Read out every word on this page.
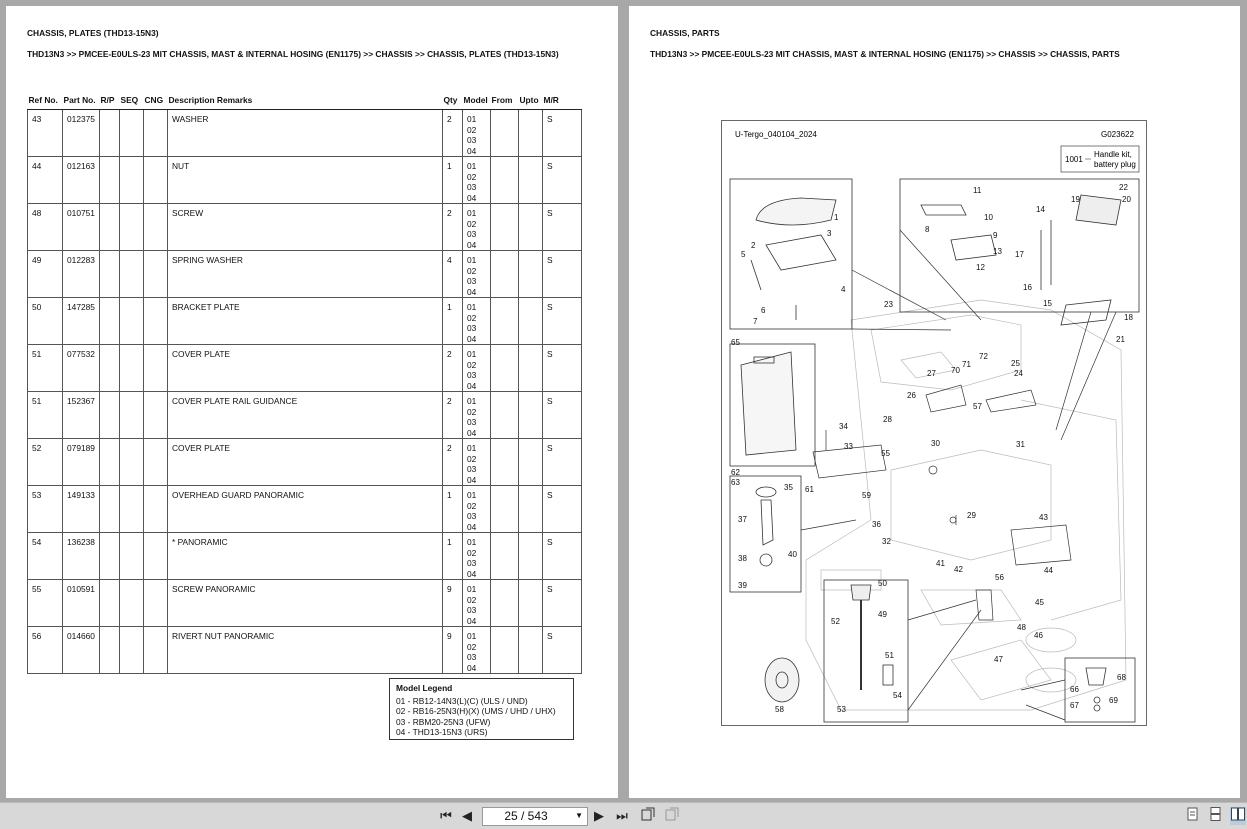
CHASSIS, PLATES (THD13-15N3)
THD13N3 >> PMCEE-E0ULS-23 MIT CHASSIS, MAST & INTERNAL HOSING (EN1175) >> CHASSIS >> CHASSIS, PLATES (THD13-15N3)
Ref No.	Part No.	R/P	SEQ	CNG	Description Remarks	Qty	Model	From	Upto	M/R
43	012375				WASHER	2	01
02
03
04			S
44	012163				NUT	1	01
02
03
04			S
48	010751				SCREW	2	01
02
03
04			S
49	012283				SPRING WASHER	4	01
02
03
04			S
50	147285				BRACKET PLATE	1	01
02
03
04			S
51	077532				COVER PLATE	2	01
02
03
04			S
51	152367				COVER PLATE RAIL GUIDANCE	2	01
02
03
04			S
52	079189				COVER PLATE	2	01
02
03
04			S
53	149133				OVERHEAD GUARD PANORAMIC	1	01
02
03
04			S
54	136238				* PANORAMIC	1	01
02
03
04			S
55	010591				SCREW PANORAMIC	9	01
02
03
04			S
56	014660				RIVERT NUT PANORAMIC	9	01
02
03
04			S
Model Legend
01 - RB12-14N3(L)(C) (ULS / UND)
02 - RB16-25N3(H)(X) (UMS / UHD / UHX)
03 - RBM20-25N3 (UFW)
04 - THD13-15N3 (URS)
CHASSIS, PARTS
THD13N3 >> PMCEE-E0ULS-23 MIT CHASSIS, MAST & INTERNAL HOSING (EN1175) >> CHASSIS >> CHASSIS, PARTS
U-Tergo_040104_2024	G023622
1001
Handle kit,
battery plug
1
2
3
4
5
6
7
8
9
10
11
12
13
14
15
16
17
18
19	20
21
22
23
24
25
26
27
28
29
30	31
32
33
34
35
36
37
38
39
40
41
42
43
44
45
46
47
48
49
50
51
52
53
54
55
56
57
58
59
61
62
63
65
66
67
68
69
70
71
72
⏮ ◀	25 / 543	▼ ▶ ⏭
